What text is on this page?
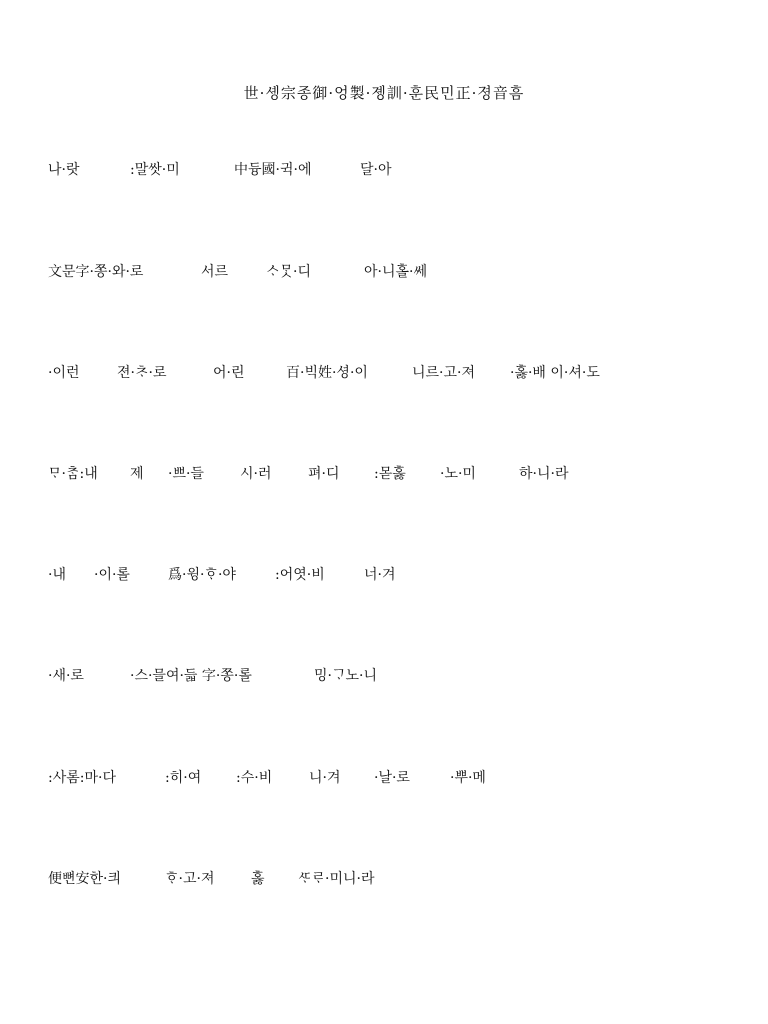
世·솅宗종御·엉製·졩訓·훈民민正·졍音흠
나·랏	:말쌋·미	中듕國·귁·에	달·아
文문字·쫑·와·로	서르	ᄉᆞᄆᆞᆺ·디	아·니홀·쎄
·이런	젼·ᄎᆞ·로	어·린	百·빅姓·셩·이	니르·고·져	·홇·배 이·셔·도
ᄆᆞ·ᄎᆞᆷ:내 제 ·쁘·들	시·러	펴·디 :몯홇 ·노·미	하·니·라
·내 ·이·롤	爲·윙·ᄒᆞ·야	:어엿·비	너·겨
·새·로	·스·믈여·듧 字·쫑·롤	밍·ᄀᆞ노·니
:사롬:마·다	:히·여 :수·비	니·겨 ·날·로	·뿌·메
便뼌安한·킈	ᄒᆞ·고·져	홇 ᄯᆞᄅᆞ·미니·라
